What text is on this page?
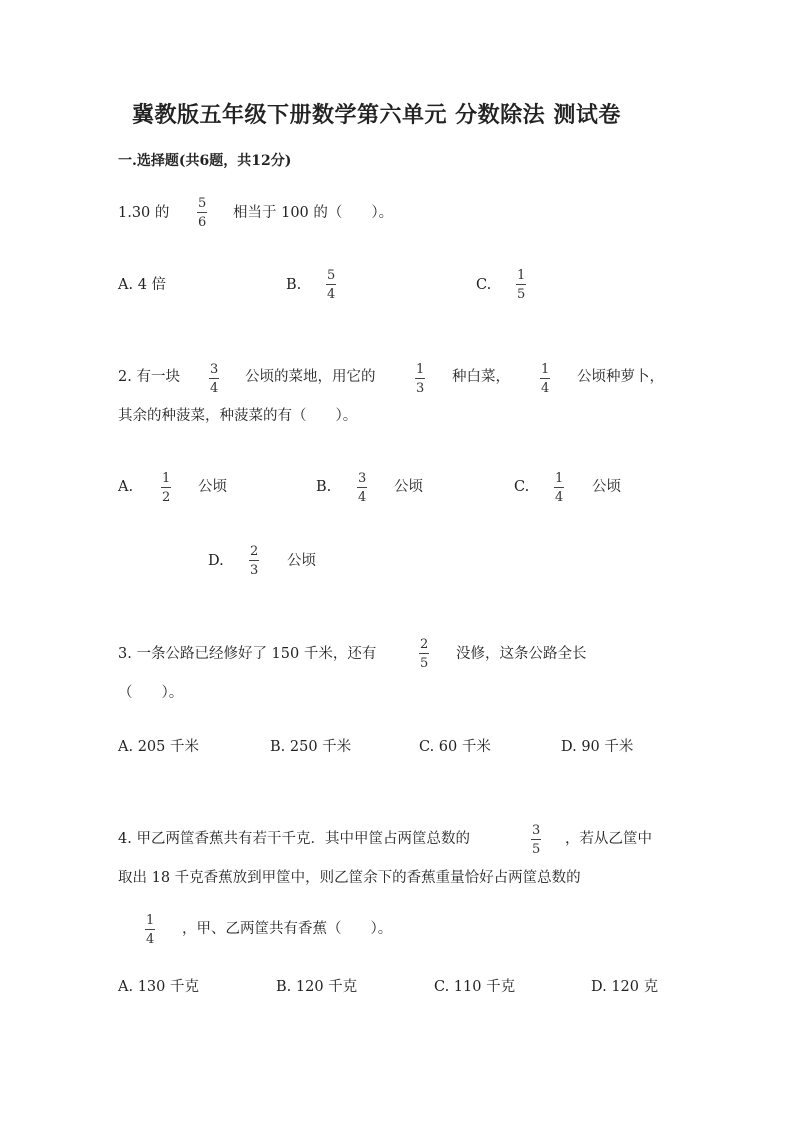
冀教版五年级下册数学第六单元 分数除法 测试卷
一.选择题(共6题，共12分)
1.30 的
5
6
相当于 100 的（　　）。
A. 4 倍	B.
5
4
C.
1
5
2. 有一块 3
4
公顷的菜地，用它的	1
3
种白菜， 1
4
公顷种萝卜，
其余的种菠菜，种菠菜的有（　　）。
A.
1
2
公顷	B.
3
4
公顷	C.
1
4
公顷
D.
2
3
公顷
3. 一条公路已经修好了 150 千米，还有
2
5
没修，这条公路全长
（　　）。
A. 205 千米	B. 250 千米	C. 60 千米	D. 90 千米
4. 甲乙两筐香蕉共有若干千克．其中甲筐占两筐总数的
3
5
，若从乙筐中
取出 18 千克香蕉放到甲筐中，则乙筐余下的香蕉重量恰好占两筐总数的
1
4
，甲、乙两筐共有香蕉（　　）。
A. 130 千克	B. 120 千克	C. 110 千克	D. 120 克
